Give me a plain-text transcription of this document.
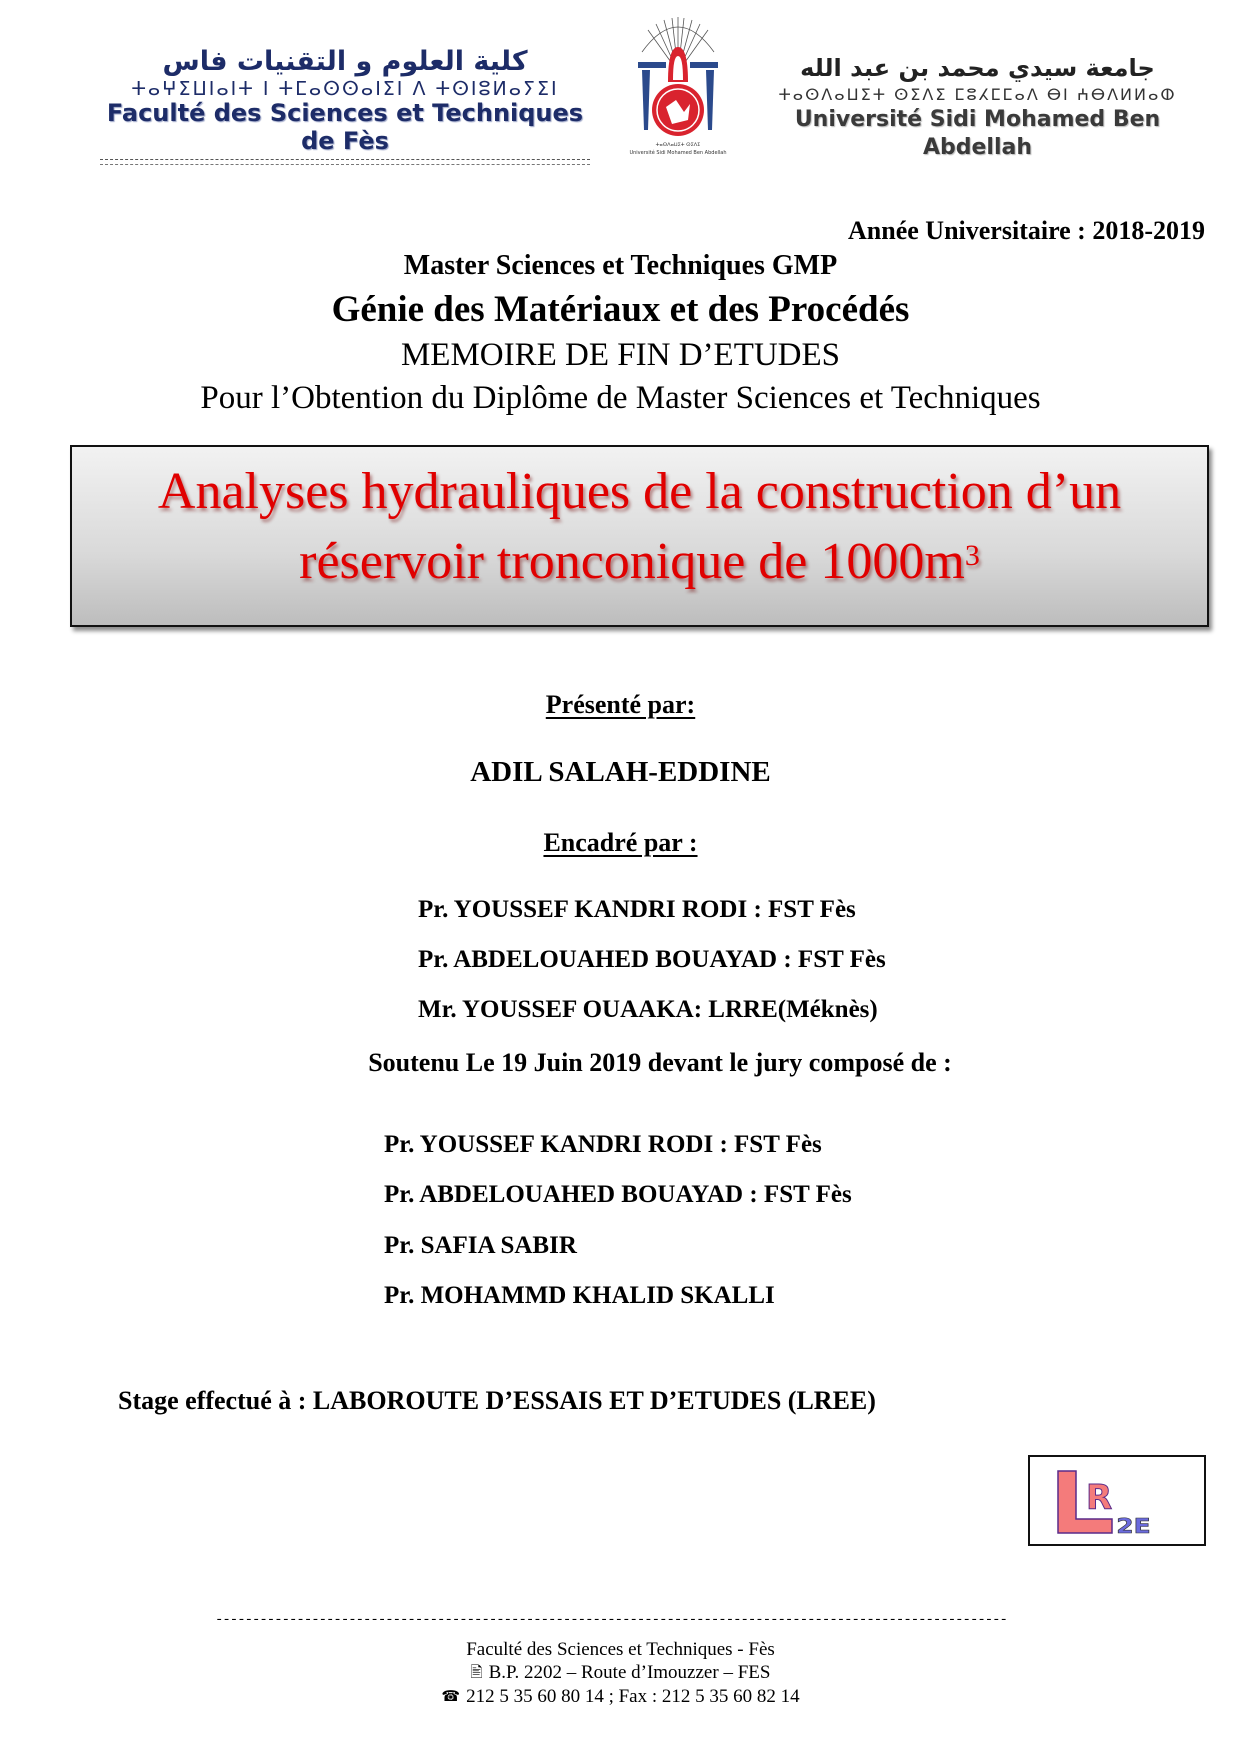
كلية العلوم و التقنيات فاس
ⵜⴰⵖⵉⵡⵏⴰⵏⵜ ⵏ ⵜⵎⴰⵙⵙⴰⵏⵉⵏ ⴷ ⵜⵙⵏⵓⵍⴰⵢⵉⵏ
Faculté des Sciences et Techniques de Fès	ⵜⴰⵙⴷⴰⵡⵉⵜ ⵙⵉⴷⵉ
Université Sidi Mohamed Ben Abdellah
جامعة سيدي محمد بن عبد الله
ⵜⴰⵙⴷⴰⵡⵉⵜ ⵙⵉⴷⵉ ⵎⵓⵃⵎⵎⴰⴷ ⴱⵏ ⵄⴱⴷⵍⵍⴰⵀ
Université Sidi Mohamed Ben Abdellah
Année Universitaire : 2018-2019
Master Sciences et Techniques GMP
Génie des Matériaux et des Procédés
MEMOIRE DE FIN D’ETUDES
Pour l’Obtention du Diplôme de Master Sciences et Techniques
Analyses hydrauliques de la construction d’un
réservoir tronconique de $1000m^3$
Présenté par:
ADIL SALAH-EDDINE
Encadré par :
Pr. YOUSSEF KANDRI RODI : FST Fès
Pr. ABDELOUAHED BOUAYAD : FST Fès
Mr. YOUSSEF OUAAKA: LRRE(Méknès)
Soutenu Le 19 Juin 2019 devant le jury composé de :
Pr. YOUSSEF KANDRI RODI : FST Fès
Pr. ABDELOUAHED BOUAYAD : FST Fès
Pr. SAFIA SABIR
Pr. MOHAMMD KHALID SKALLI
Stage effectué à : LABOROUTE D’ESSAIS ET D’ETUDES (LREE)
R
2E
-----------------------------------------------------------------------------------------------------------
Faculté des Sciences et Techniques - Fès
🖹 B.P. 2202 – Route d’Imouzzer – FES
☎ 212 5 35 60 80 14 ; Fax : 212 5 35 60 82 14
